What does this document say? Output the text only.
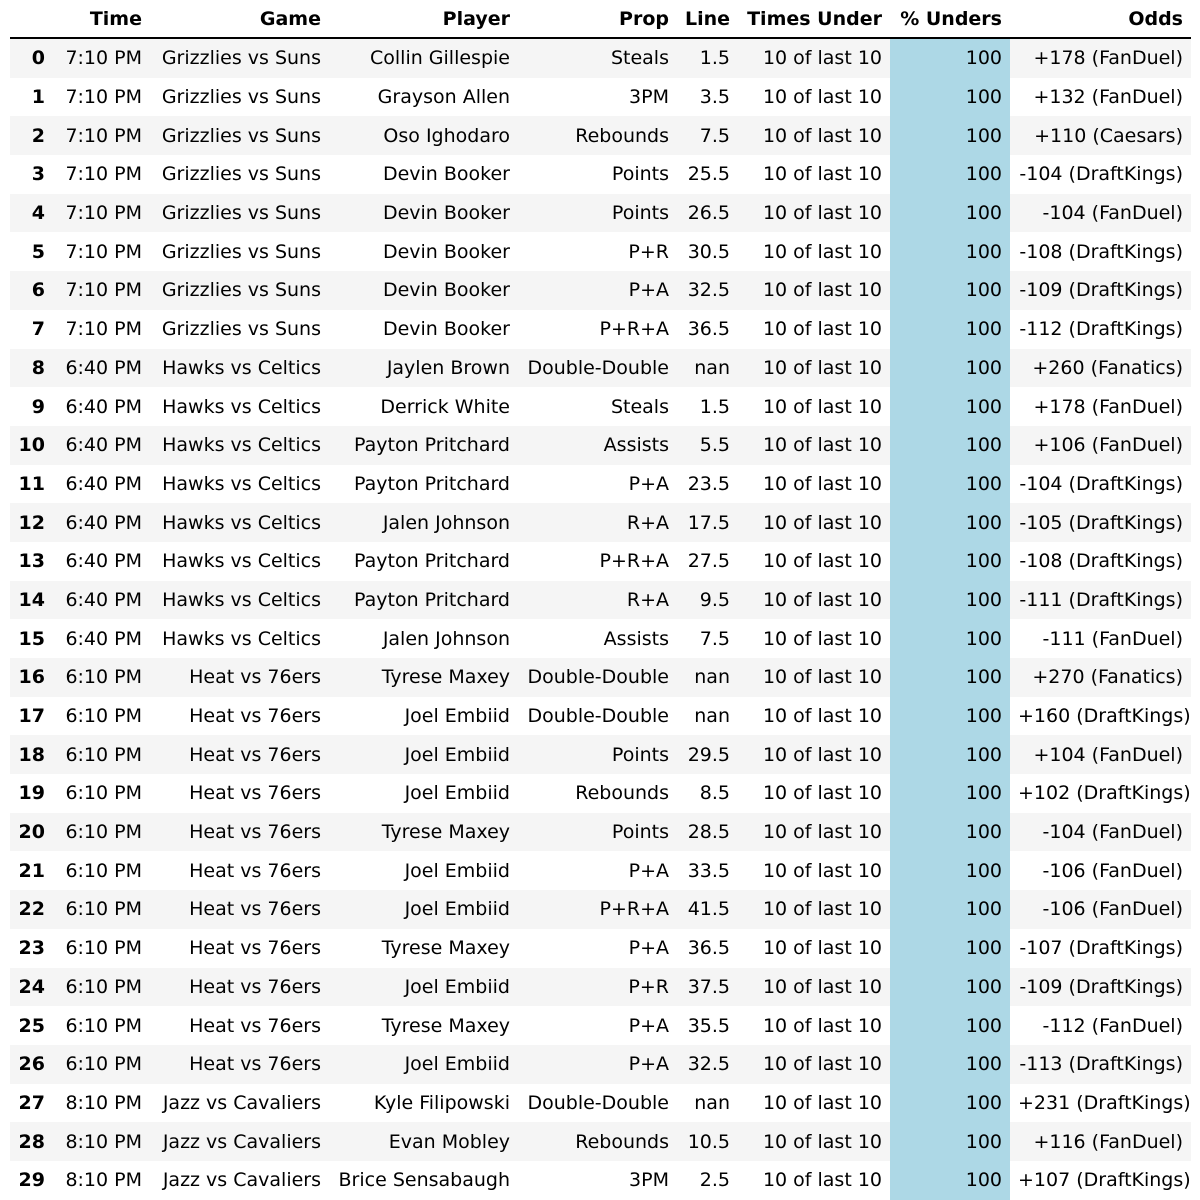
	Time	Game	Player	Prop	Line	Times Under	% Unders	Odds
0	7:10 PM	Grizzlies vs Suns	Collin Gillespie	Steals	1.5	10 of last 10	100	+178 (FanDuel)
1	7:10 PM	Grizzlies vs Suns	Grayson Allen	3PM	3.5	10 of last 10	100	+132 (FanDuel)
2	7:10 PM	Grizzlies vs Suns	Oso Ighodaro	Rebounds	7.5	10 of last 10	100	+110 (Caesars)
3	7:10 PM	Grizzlies vs Suns	Devin Booker	Points	25.5	10 of last 10	100	-104 (DraftKings)
4	7:10 PM	Grizzlies vs Suns	Devin Booker	Points	26.5	10 of last 10	100	-104 (FanDuel)
5	7:10 PM	Grizzlies vs Suns	Devin Booker	P+R	30.5	10 of last 10	100	-108 (DraftKings)
6	7:10 PM	Grizzlies vs Suns	Devin Booker	P+A	32.5	10 of last 10	100	-109 (DraftKings)
7	7:10 PM	Grizzlies vs Suns	Devin Booker	P+R+A	36.5	10 of last 10	100	-112 (DraftKings)
8	6:40 PM	Hawks vs Celtics	Jaylen Brown	Double-Double	nan	10 of last 10	100	+260 (Fanatics)
9	6:40 PM	Hawks vs Celtics	Derrick White	Steals	1.5	10 of last 10	100	+178 (FanDuel)
10	6:40 PM	Hawks vs Celtics	Payton Pritchard	Assists	5.5	10 of last 10	100	+106 (FanDuel)
11	6:40 PM	Hawks vs Celtics	Payton Pritchard	P+A	23.5	10 of last 10	100	-104 (DraftKings)
12	6:40 PM	Hawks vs Celtics	Jalen Johnson	R+A	17.5	10 of last 10	100	-105 (DraftKings)
13	6:40 PM	Hawks vs Celtics	Payton Pritchard	P+R+A	27.5	10 of last 10	100	-108 (DraftKings)
14	6:40 PM	Hawks vs Celtics	Payton Pritchard	R+A	9.5	10 of last 10	100	-111 (DraftKings)
15	6:40 PM	Hawks vs Celtics	Jalen Johnson	Assists	7.5	10 of last 10	100	-111 (FanDuel)
16	6:10 PM	Heat vs 76ers	Tyrese Maxey	Double-Double	nan	10 of last 10	100	+270 (Fanatics)
17	6:10 PM	Heat vs 76ers	Joel Embiid	Double-Double	nan	10 of last 10	100	+160 (DraftKings)
18	6:10 PM	Heat vs 76ers	Joel Embiid	Points	29.5	10 of last 10	100	+104 (FanDuel)
19	6:10 PM	Heat vs 76ers	Joel Embiid	Rebounds	8.5	10 of last 10	100	+102 (DraftKings)
20	6:10 PM	Heat vs 76ers	Tyrese Maxey	Points	28.5	10 of last 10	100	-104 (FanDuel)
21	6:10 PM	Heat vs 76ers	Joel Embiid	P+A	33.5	10 of last 10	100	-106 (FanDuel)
22	6:10 PM	Heat vs 76ers	Joel Embiid	P+R+A	41.5	10 of last 10	100	-106 (FanDuel)
23	6:10 PM	Heat vs 76ers	Tyrese Maxey	P+A	36.5	10 of last 10	100	-107 (DraftKings)
24	6:10 PM	Heat vs 76ers	Joel Embiid	P+R	37.5	10 of last 10	100	-109 (DraftKings)
25	6:10 PM	Heat vs 76ers	Tyrese Maxey	P+A	35.5	10 of last 10	100	-112 (FanDuel)
26	6:10 PM	Heat vs 76ers	Joel Embiid	P+A	32.5	10 of last 10	100	-113 (DraftKings)
27	8:10 PM	Jazz vs Cavaliers	Kyle Filipowski	Double-Double	nan	10 of last 10	100	+231 (DraftKings)
28	8:10 PM	Jazz vs Cavaliers	Evan Mobley	Rebounds	10.5	10 of last 10	100	+116 (FanDuel)
29	8:10 PM	Jazz vs Cavaliers	Brice Sensabaugh	3PM	2.5	10 of last 10	100	+107 (DraftKings)
